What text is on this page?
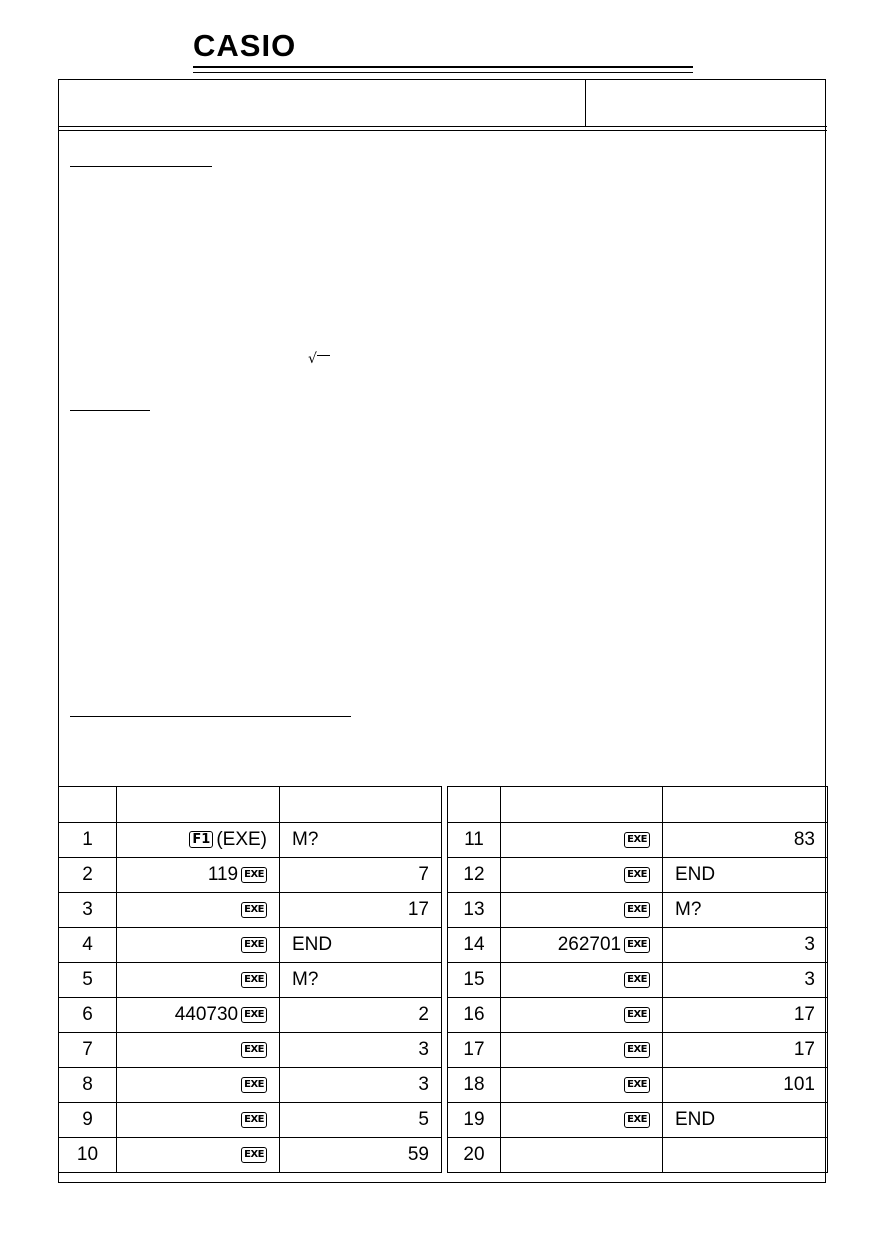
CASIO
√

1	F1 (EXE)	M?		11	EXE	83
2	119 EXE	7		12	EXE	END
3	EXE	17		13	EXE	M?
4	EXE	END		14	262701 EXE	3
5	EXE	M?		15	EXE	3
6	440730 EXE	2		16	EXE	17
7	EXE	3		17	EXE	17
8	EXE	3		18	EXE	101
9	EXE	5		19	EXE	END
10	EXE	59		20		
